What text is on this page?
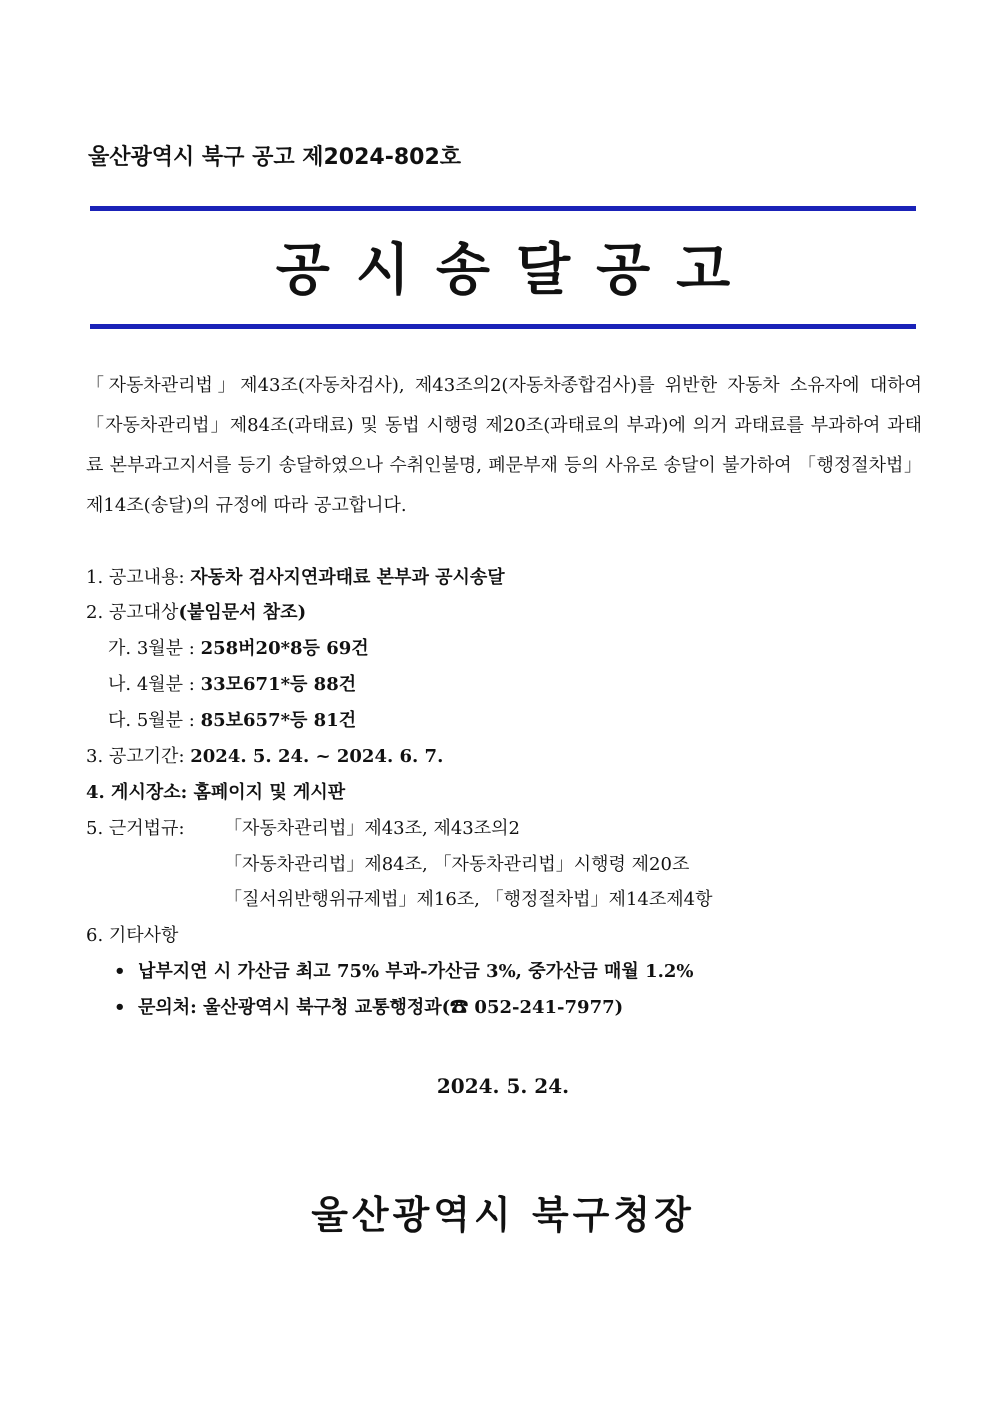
울산광역시 북구 공고 제2024-802호
공시송달공고

「자동차관리법」제43조(자동차검사), 제43조의2(자동차종합검사)를 위반한 자동차 소유자에 대하여 「자동차관리법」제84조(과태료) 및 동법 시행령 제20조(과태료의 부과)에 의거 과태료를 부과하여 과태료 본부과고지서를 등기 송달하였으나 수취인불명, 폐문부재 등의 사유로 송달이 불가하여 「행정절차법」제14조(송달)의 규정에 따라 공고합니다.

1. 공고내용: 자동차 검사지연과태료 본부과 공시송달
2. 공고대상(붙임문서 참조)
가. 3월분 : 258버20*8등 69건
나. 4월분 : 33모671*등 88건
다. 5월분 : 85보657*등 81건
3. 공고기간: 2024. 5. 24. ~ 2024. 6. 7.
4. 게시장소: 홈페이지 및 게시판
5. 근거법규: 「자동차관리법」제43조, 제43조의2
「자동차관리법」제84조, 「자동차관리법」시행령 제20조
「질서위반행위규제법」제16조, 「행정절차법」제14조제4항
6. 기타사항
• 납부지연 시 가산금 최고 75% 부과-가산금 3%, 중가산금 매월 1.2%
• 문의처: 울산광역시 북구청 교통행정과(☎ 052-241-7977)
2024. 5. 24.
울산광역시 북구청장
